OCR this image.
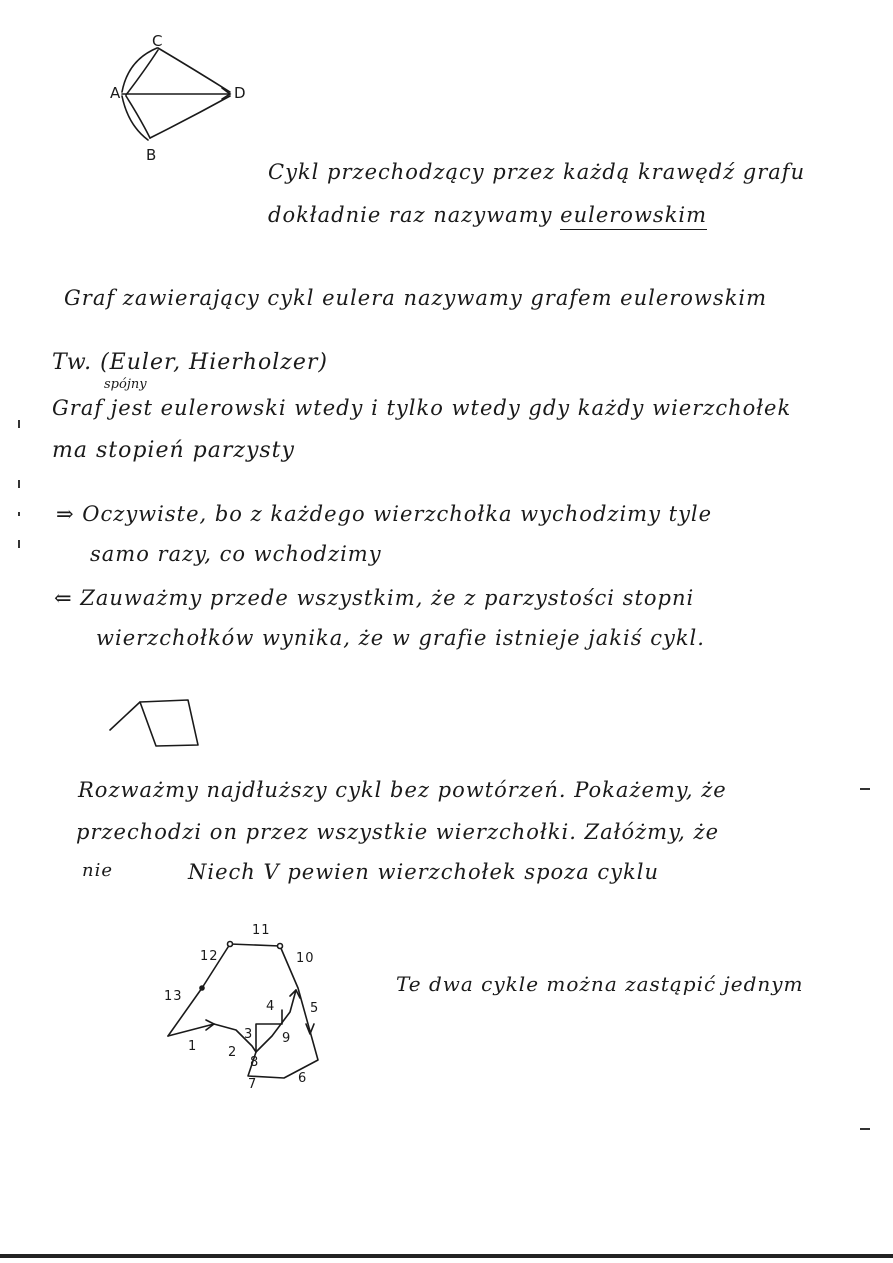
C
A	D
B
Cykl przechodzący przez każdą krawędź grafu
dokładnie raz nazywamy eulerowskim
Graf zawierający cykl eulera nazywamy grafem eulerowskim
Tw. (Euler, Hierholzer)
spójny
Graf jest eulerowski wtedy i tylko wtedy gdy każdy wierzchołek
ma stopień parzysty
⇒ Oczywiste, bo z każdego wierzchołka wychodzimy tyle
samo razy, co wchodzimy
⇐ Zauważmy przede wszystkim, że z parzystości stopni
wierzchołków wynika, że w grafie istnieje jakiś cykl.
Rozważmy najdłuższy cykl bez powtórzeń. Pokażemy, że
przechodzi on przez wszystkie wierzchołki. Załóżmy, że
nie	Niech V pewien wierzchołek spoza cyklu
11
12	10
13
4	5
3 9
1 2
8
7	6
Te dwa cykle można zastąpić jednym
